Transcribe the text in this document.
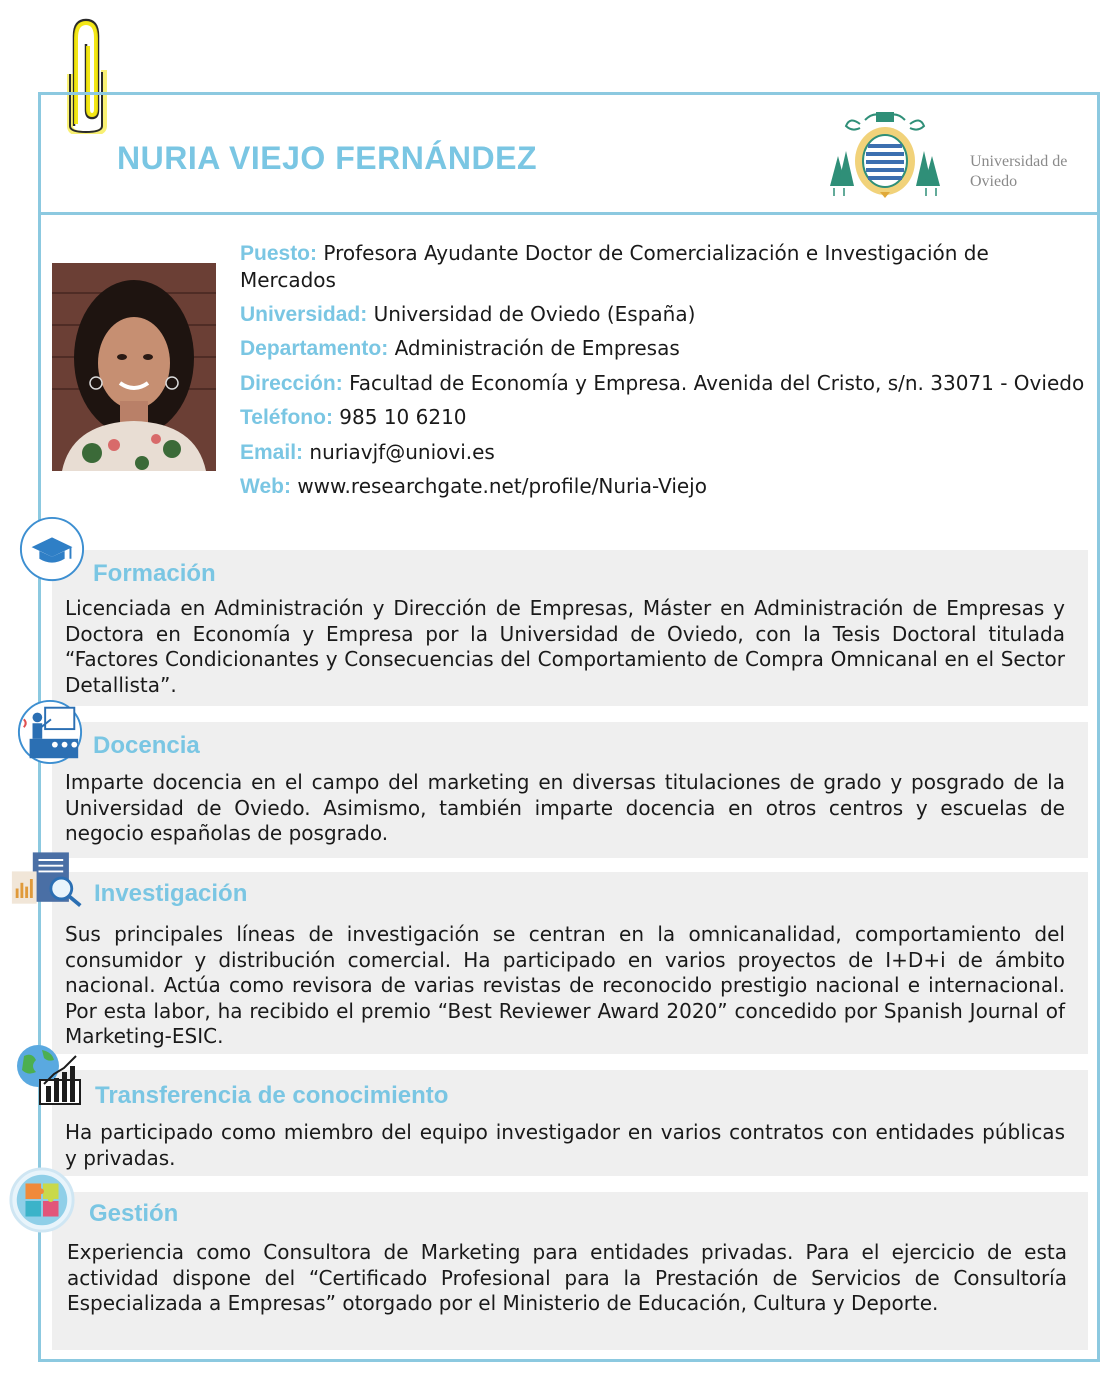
NURIA VIEJO FERNÁNDEZ	Universidad de
Oviedo
Puesto: Profesora Ayudante Doctor de Comercialización e Investigación de Mercados
Universidad: Universidad de Oviedo (España)
Departamento: Administración de Empresas
Dirección: Facultad de Economía y Empresa. Avenida del Cristo, s/n. 33071 - Oviedo
Teléfono: 985 10 6210
Email: nuriavjf@uniovi.es
Web: www.researchgate.net/profile/Nuria-Viejo
Formación
Licenciada en Administración y Dirección de Empresas, Máster en Administración de Empresas y Doctora en Economía y Empresa por la Universidad de Oviedo, con la Tesis Doctoral titulada “Factores Condicionantes y Consecuencias del Comportamiento de Compra Omnicanal en el Sector Detallista”.
Docencia
Imparte docencia en el campo del marketing en diversas titulaciones de grado y posgrado de la Universidad de Oviedo. Asimismo, también imparte docencia en otros centros y escuelas de negocio españolas de posgrado.
Investigación
Sus principales líneas de investigación se centran en la omnicanalidad, comportamiento del consumidor y distribución comercial. Ha participado en varios proyectos de I+D+i de ámbito nacional. Actúa como revisora de varias revistas de reconocido prestigio nacional e internacional. Por esta labor, ha recibido el premio “Best Reviewer Award 2020” concedido por Spanish Journal of Marketing-ESIC.
Transferencia de conocimiento
Ha participado como miembro del equipo investigador en varios contratos con entidades públicas y privadas.
Gestión
Experiencia como Consultora de Marketing para entidades privadas. Para el ejercicio de esta actividad dispone del “Certificado Profesional para la Prestación de Servicios de Consultoría Especializada a Empresas” otorgado por el Ministerio de Educación, Cultura y Deporte.
